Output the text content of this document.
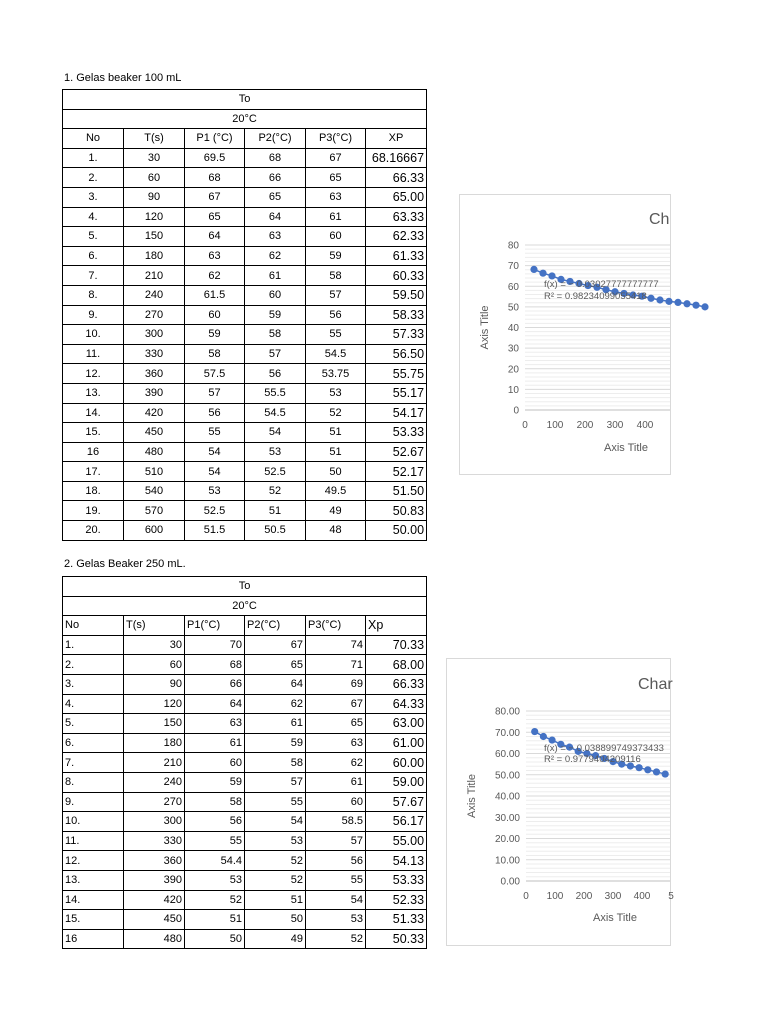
1. Gelas beaker 100 mL
To					
20°C					
No	T(s)	P1 (°C)	P2(°C)	P3(°C)	XP
1.	30	69.5	68	67	68.16667
2.	60	68	66	65	66.33
3.	90	67	65	63	65.00
4.	120	65	64	61	63.33
5.	150	64	63	60	62.33
6.	180	63	62	59	61.33
7.	210	62	61	58	60.33
8.	240	61.5	60	57	59.50
9.	270	60	59	56	58.33
10.	300	59	58	55	57.33
11.	330	58	57	54.5	56.50
12.	360	57.5	56	53.75	55.75
13.	390	57	55.5	53	55.17
14.	420	56	54.5	52	54.17
15.	450	55	54	51	53.33
16	480	54	53	51	52.67
17.	510	54	52.5	50	52.17
18.	540	53	52	49.5	51.50
19.	570	52.5	51	49	50.83
20.	600	51.5	50.5	48	50.00
0
10
20
30
40
50
60
70
80
0 100 200 300 400
Ch
Axis Title
Axis Title
f(x) = − 0.03027777777777
R² = 0.98234099055418
2. Gelas Beaker 250 mL.
To					
20°C					
No	T(s)	P1(°C)	P2(°C)	P3(°C)	Xp
1.	30	70	67	74	70.33
2.	60	68	65	71	68.00
3.	90	66	64	69	66.33
4.	120	64	62	67	64.33
5.	150	63	61	65	63.00
6.	180	61	59	63	61.00
7.	210	60	58	62	60.00
8.	240	59	57	61	59.00
9.	270	58	55	60	57.67
10.	300	56	54	58.5	56.17
11.	330	55	53	57	55.00
12.	360	54.4	52	56	54.13
13.	390	53	52	55	53.33
14.	420	52	51	54	52.33
15.	450	51	50	53	51.33
16	480	50	49	52	50.33
0.00
10.00
20.00
30.00
40.00
50.00
60.00
70.00
80.00
0 100 200 300 400 5
Char
Axis Title
Axis Title
f(x) = − 0.038899749373433
R² = 0.9779404209116
